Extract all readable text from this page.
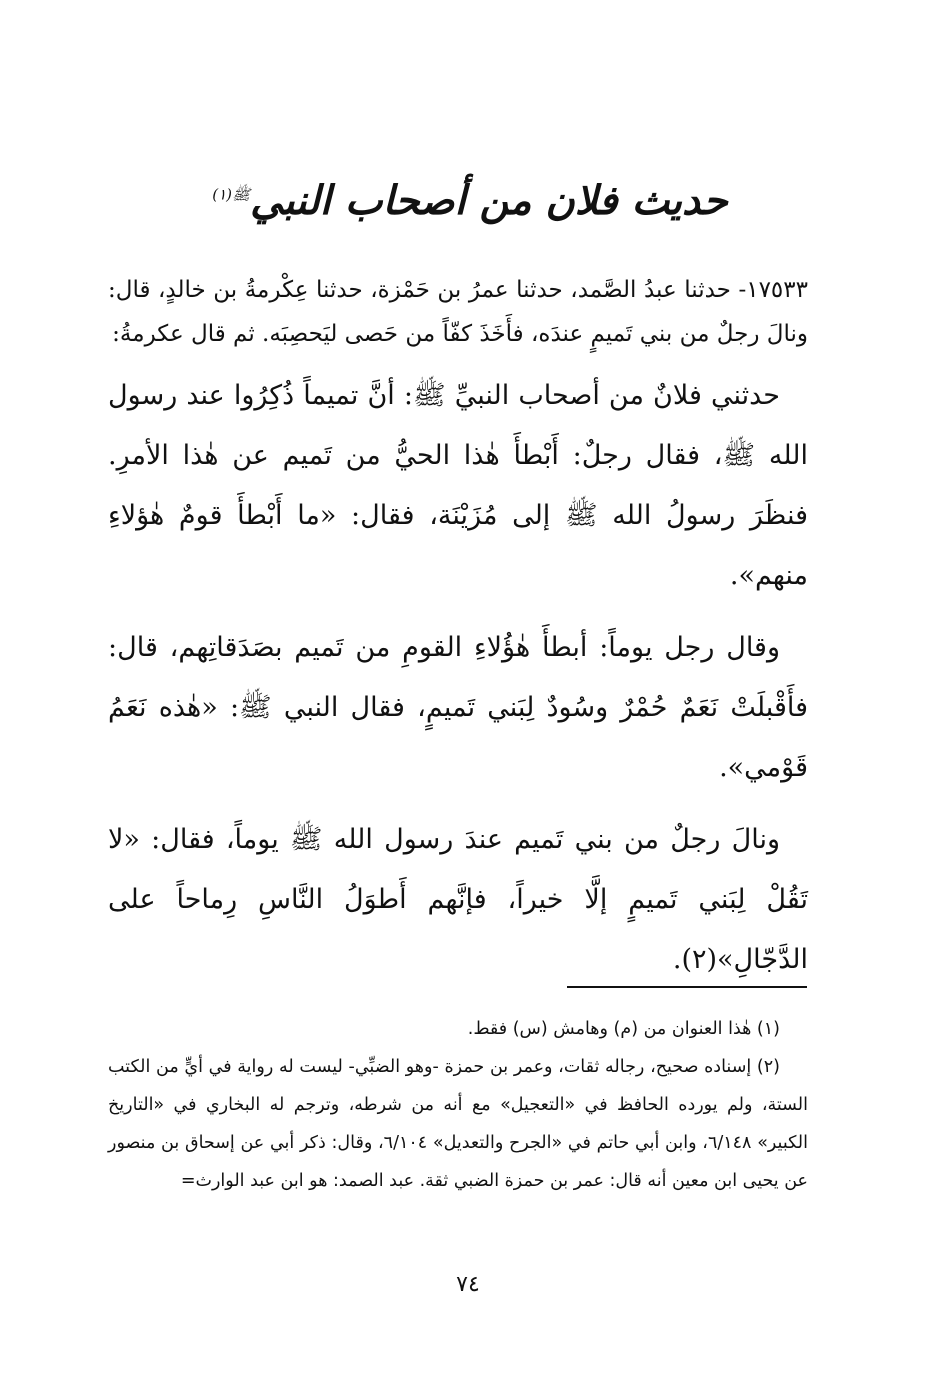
حديث فلان من أصحاب النبي$^{ﷺ(١)}$

١٧٥٣٣- حدثنا عبدُ الصَّمد، حدثنا عمرُ بن حَمْزة، حدثنا عِكْرمةُ بن خالدٍ، قال: ونالَ رجلٌ من بني تَميمٍ عندَه، فأَخَذَ كفّاً من حَصى ليَحصِبَه. ثم قال عكرمةُ:

حدثني فلانٌ من أصحاب النبيِّ ﷺ: أنَّ تميماً ذُكِرُوا عند رسول الله ﷺ، فقال رجلٌ: أَبْطأَ هٰذا الحيُّ من تَميم عن هٰذا الأمرِ. فنظَرَ رسولُ الله ﷺ إلى مُزَيْنَة، فقال: «ما أَبْطأَ قومٌ هٰؤلاءِ منهم».

وقال رجل يوماً: أبطأَ هٰؤُلاءِ القومِ من تَميم بصَدَقاتِهم، قال: فأَقْبلَتْ نَعَمٌ حُمْرٌ وسُودٌ لِبَني تَميمٍ، فقال النبي ﷺ: «هٰذه نَعَمُ قَوْمي».

ونالَ رجلٌ من بني تَميم عندَ رسول الله ﷺ يوماً، فقال: «لا تَقُلْ لِبَني تَميمٍ إلَّا خيراً، فإنَّهم أَطوَلُ النَّاسِ رِماحاً على الدَّجّالِ»(٢).

(١) هٰذا العنوان من (م) وهامش (س) فقط.

(٢) إسناده صحيح، رجاله ثقات، وعمر بن حمزة -وهو الضبِّي- ليست له رواية في أيٍّ من الكتب الستة، ولم يورده الحافظ في «التعجيل» مع أنه من شرطه، وترجم له البخاري في «التاريخ الكبير» ٦/١٤٨، وابن أبي حاتم في «الجرح والتعديل» ٦/١٠٤، وقال: ذكر أبي عن إسحاق بن منصور عن يحيى ابن معين أنه قال: عمر بن حمزة الضبي ثقة. عبد الصمد: هو ابن عبد الوارث=

٧٤
